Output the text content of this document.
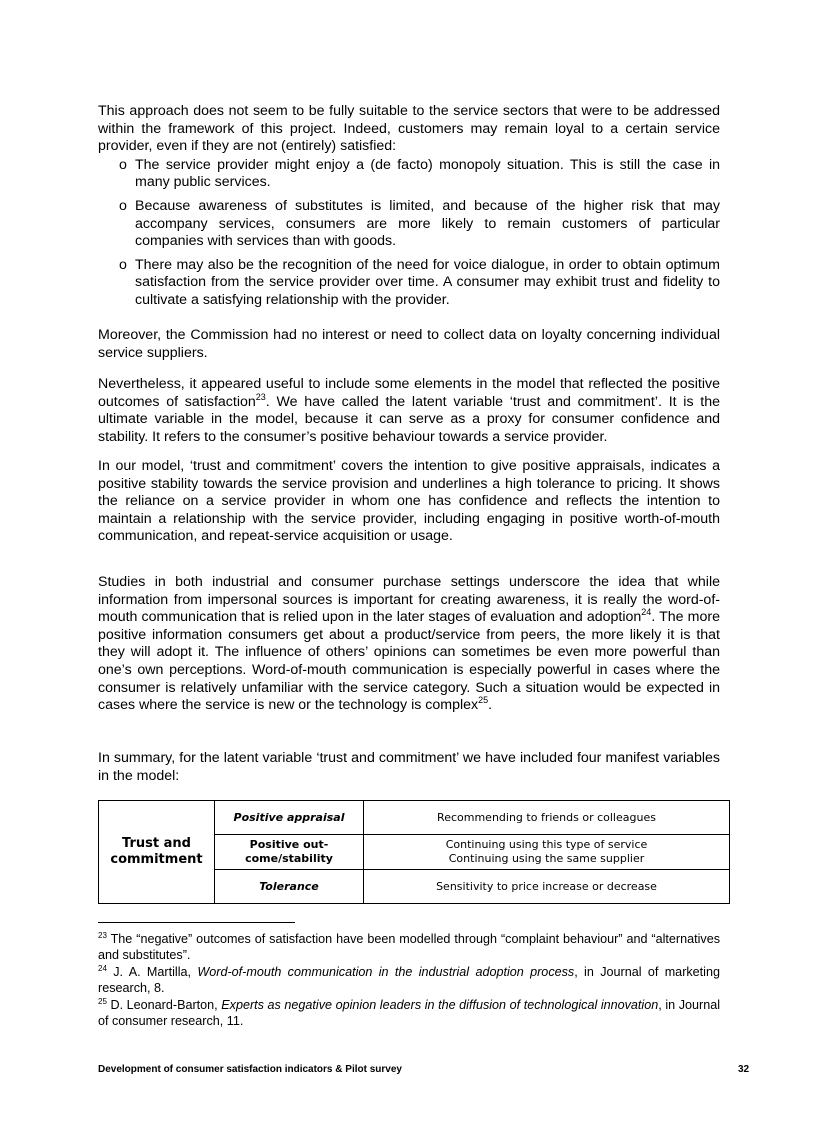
This approach does not seem to be fully suitable to the service sectors that were to be addressed within the framework of this project. Indeed, customers may remain loyal to a certain service provider, even if they are not (entirely) satisfied:
o The service provider might enjoy a (de facto) monopoly situation. This is still the case in many public services.
o Because awareness of substitutes is limited, and because of the higher risk that may accompany services, consumers are more likely to remain customers of particular companies with services than with goods.
o There may also be the recognition of the need for voice dialogue, in order to obtain optimum satisfaction from the service provider over time. A consumer may exhibit trust and fidelity to cultivate a satisfying relationship with the provider.
Moreover, the Commission had no interest or need to collect data on loyalty concerning individual service suppliers.
Nevertheless, it appeared useful to include some elements in the model that reflected the positive outcomes of satisfaction$^{23}$. We have called the latent variable ‘trust and commitment’. It is the ultimate variable in the model, because it can serve as a proxy for consumer confidence and stability. It refers to the consumer’s positive behaviour towards a service provider.
In our model, ‘trust and commitment’ covers the intention to give positive appraisals, indicates a positive stability towards the service provision and underlines a high tolerance to pricing. It shows the reliance on a service provider in whom one has confidence and reflects the intention to maintain a relationship with the service provider, including engaging in positive worth-of-mouth communication, and repeat-service acquisition or usage.
Studies in both industrial and consumer purchase settings underscore the idea that while information from impersonal sources is important for creating awareness, it is really the word-of-mouth communication that is relied upon in the later stages of evaluation and adoption$^{24}$. The more positive information consumers get about a product/service from peers, the more likely it is that they will adopt it. The influence of others’ opinions can sometimes be even more powerful than one’s own perceptions. Word-of-mouth communication is especially powerful in cases where the consumer is relatively unfamiliar with the service category. Such a situation would be expected in cases where the service is new or the technology is complex$^{25}$.
In summary, for the latent variable ‘trust and commitment’ we have included four manifest variables in the model:
Trust and commitment	Positive appraisal	Recommending to friends or colleagues

	Positive out-come/stability	Continuing using this type of service
Continuing using the same supplier

	Tolerance	Sensitivity to price increase or decrease
$^{23}$ The “negative” outcomes of satisfaction have been modelled through “complaint behaviour” and “alternatives and substitutes”.
$^{24}$ J. A. Martilla, Word-of-mouth communication in the industrial adoption process, in Journal of marketing research, 8.
$^{25}$ D. Leonard-Barton, Experts as negative opinion leaders in the diffusion of technological innovation, in Journal of consumer research, 11.
Development of consumer satisfaction indicators & Pilot survey	32
